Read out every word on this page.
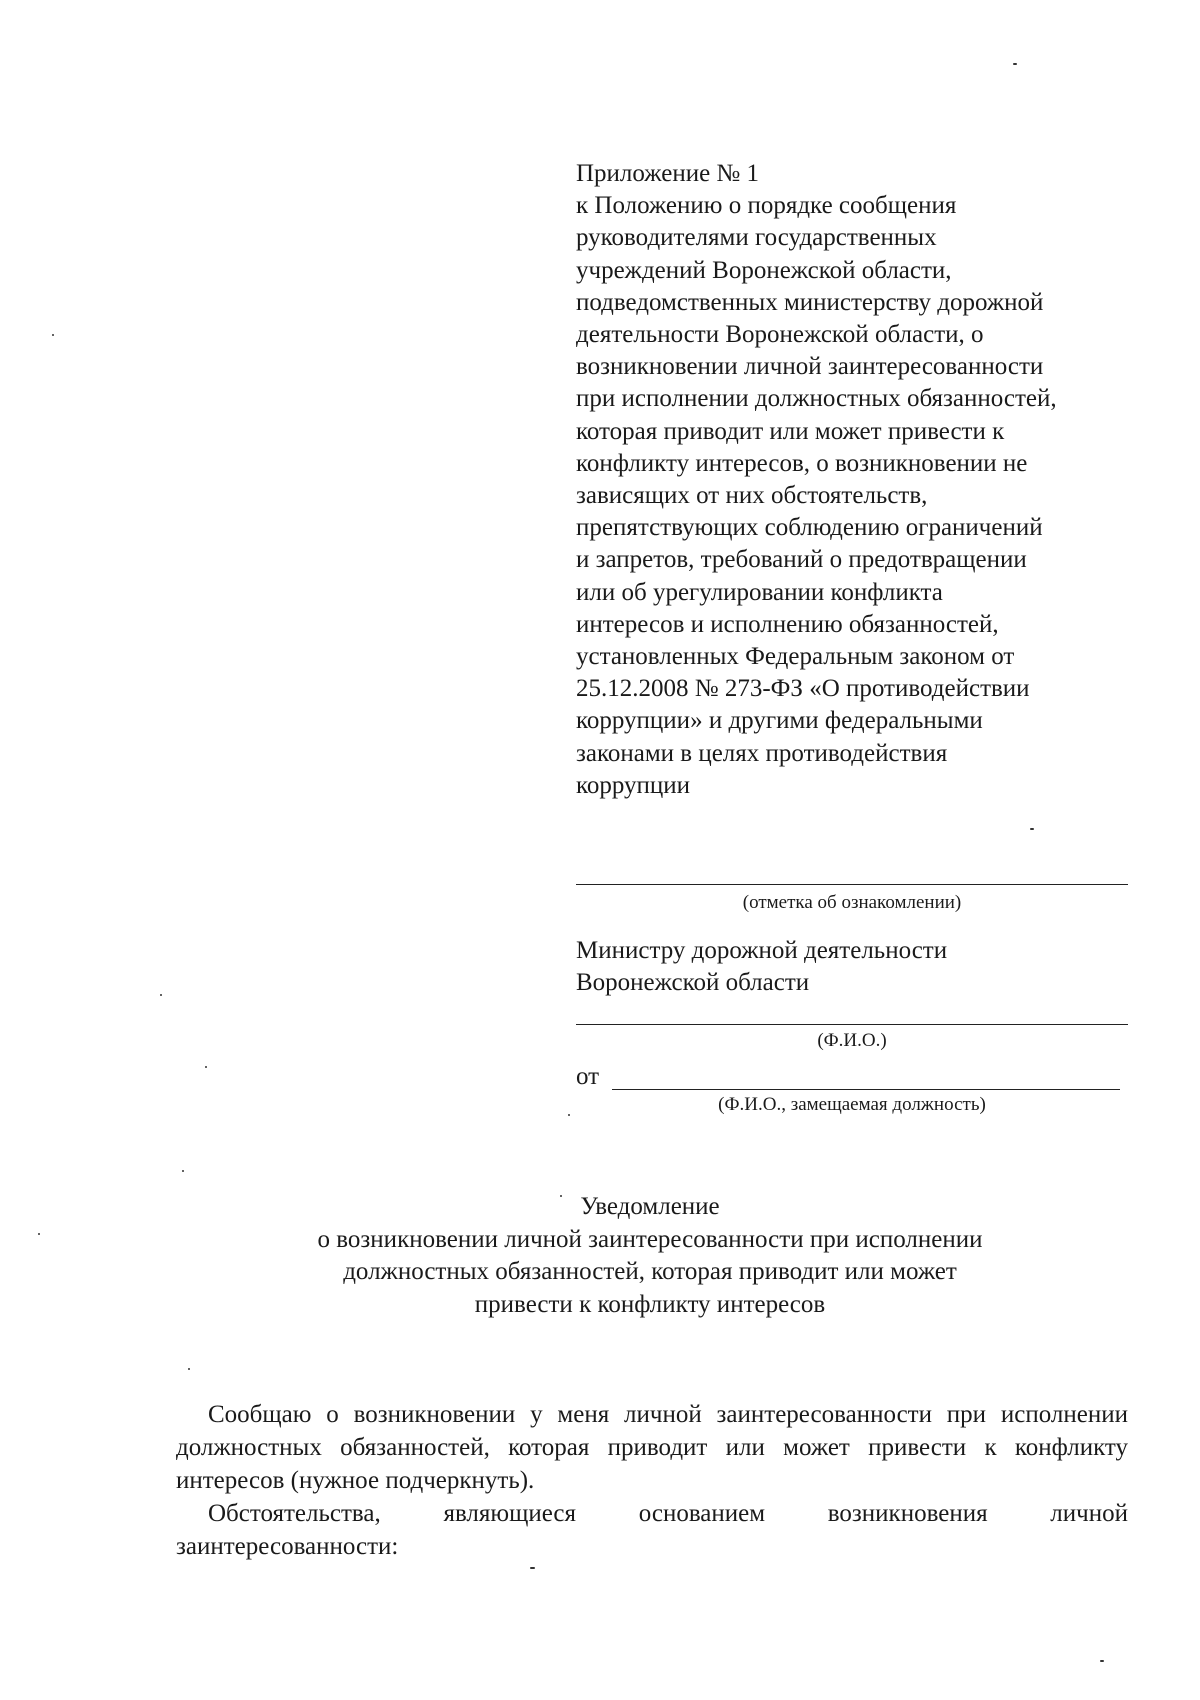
Приложение № 1
к Положению о порядке сообщения
руководителями государственных
учреждений Воронежской области,
подведомственных министерству дорожной
деятельности Воронежской области, о
возникновении личной заинтересованности
при исполнении должностных обязанностей,
которая приводит или может привести к
конфликту интересов, о возникновении не
зависящих от них обстоятельств,
препятствующих соблюдению ограничений
и запретов, требований о предотвращении
или об урегулировании конфликта
интересов и исполнению обязанностей,
установленных Федеральным законом от
25.12.2008 № 273-ФЗ «О противодействии
коррупции» и другими федеральными
законами в целях противодействия
коррупции
(отметка об ознакомлении)
Министру дорожной деятельности
Воронежской области
(Ф.И.О.)
от
(Ф.И.О., замещаемая должность)
Уведомление
о возникновении личной заинтересованности при исполнении
должностных обязанностей, которая приводит или может
привести к конфликту интересов

Сообщаю о возникновении у меня личной заинтересованности при исполнении должностных обязанностей, которая приводит или может привести к конфликту интересов (нужное подчеркнуть).

Обстоятельства, являющиеся основанием возникновения личной заинтересованности:
